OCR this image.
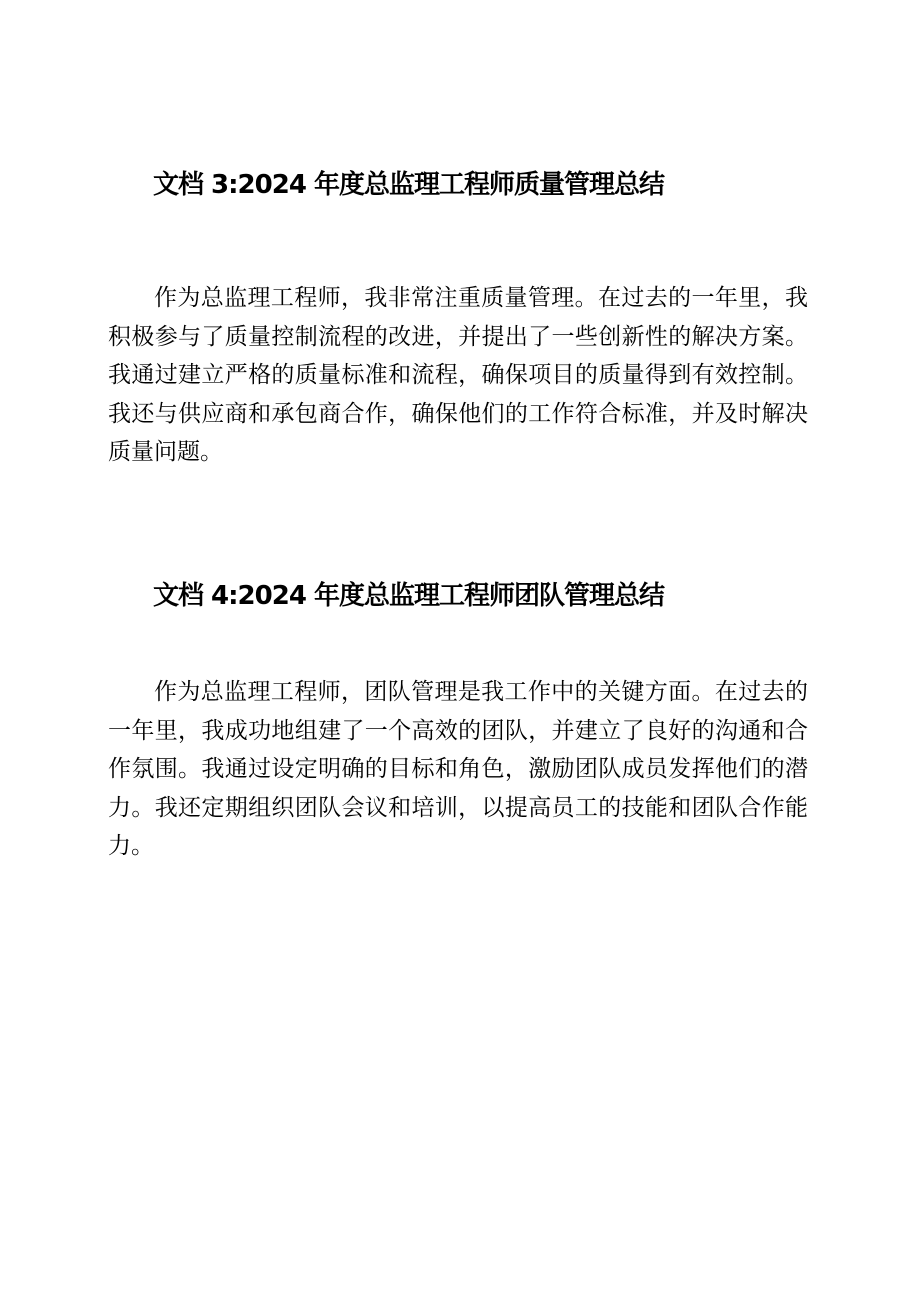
文档 3:2024 年度总监理工程师质量管理总结

作为总监理工程师，我非常注重质量管理。在过去的一年里，我积极参与了质量控制流程的改进，并提出了一些创新性的解决方案。我通过建立严格的质量标准和流程，确保项目的质量得到有效控制。我还与供应商和承包商合作，确保他们的工作符合标准，并及时解决质量问题。

文档 4:2024 年度总监理工程师团队管理总结

作为总监理工程师，团队管理是我工作中的关键方面。在过去的一年里，我成功地组建了一个高效的团队，并建立了良好的沟通和合作氛围。我通过设定明确的目标和角色，激励团队成员发挥他们的潜力。我还定期组织团队会议和培训，以提高员工的技能和团队合作能力。
